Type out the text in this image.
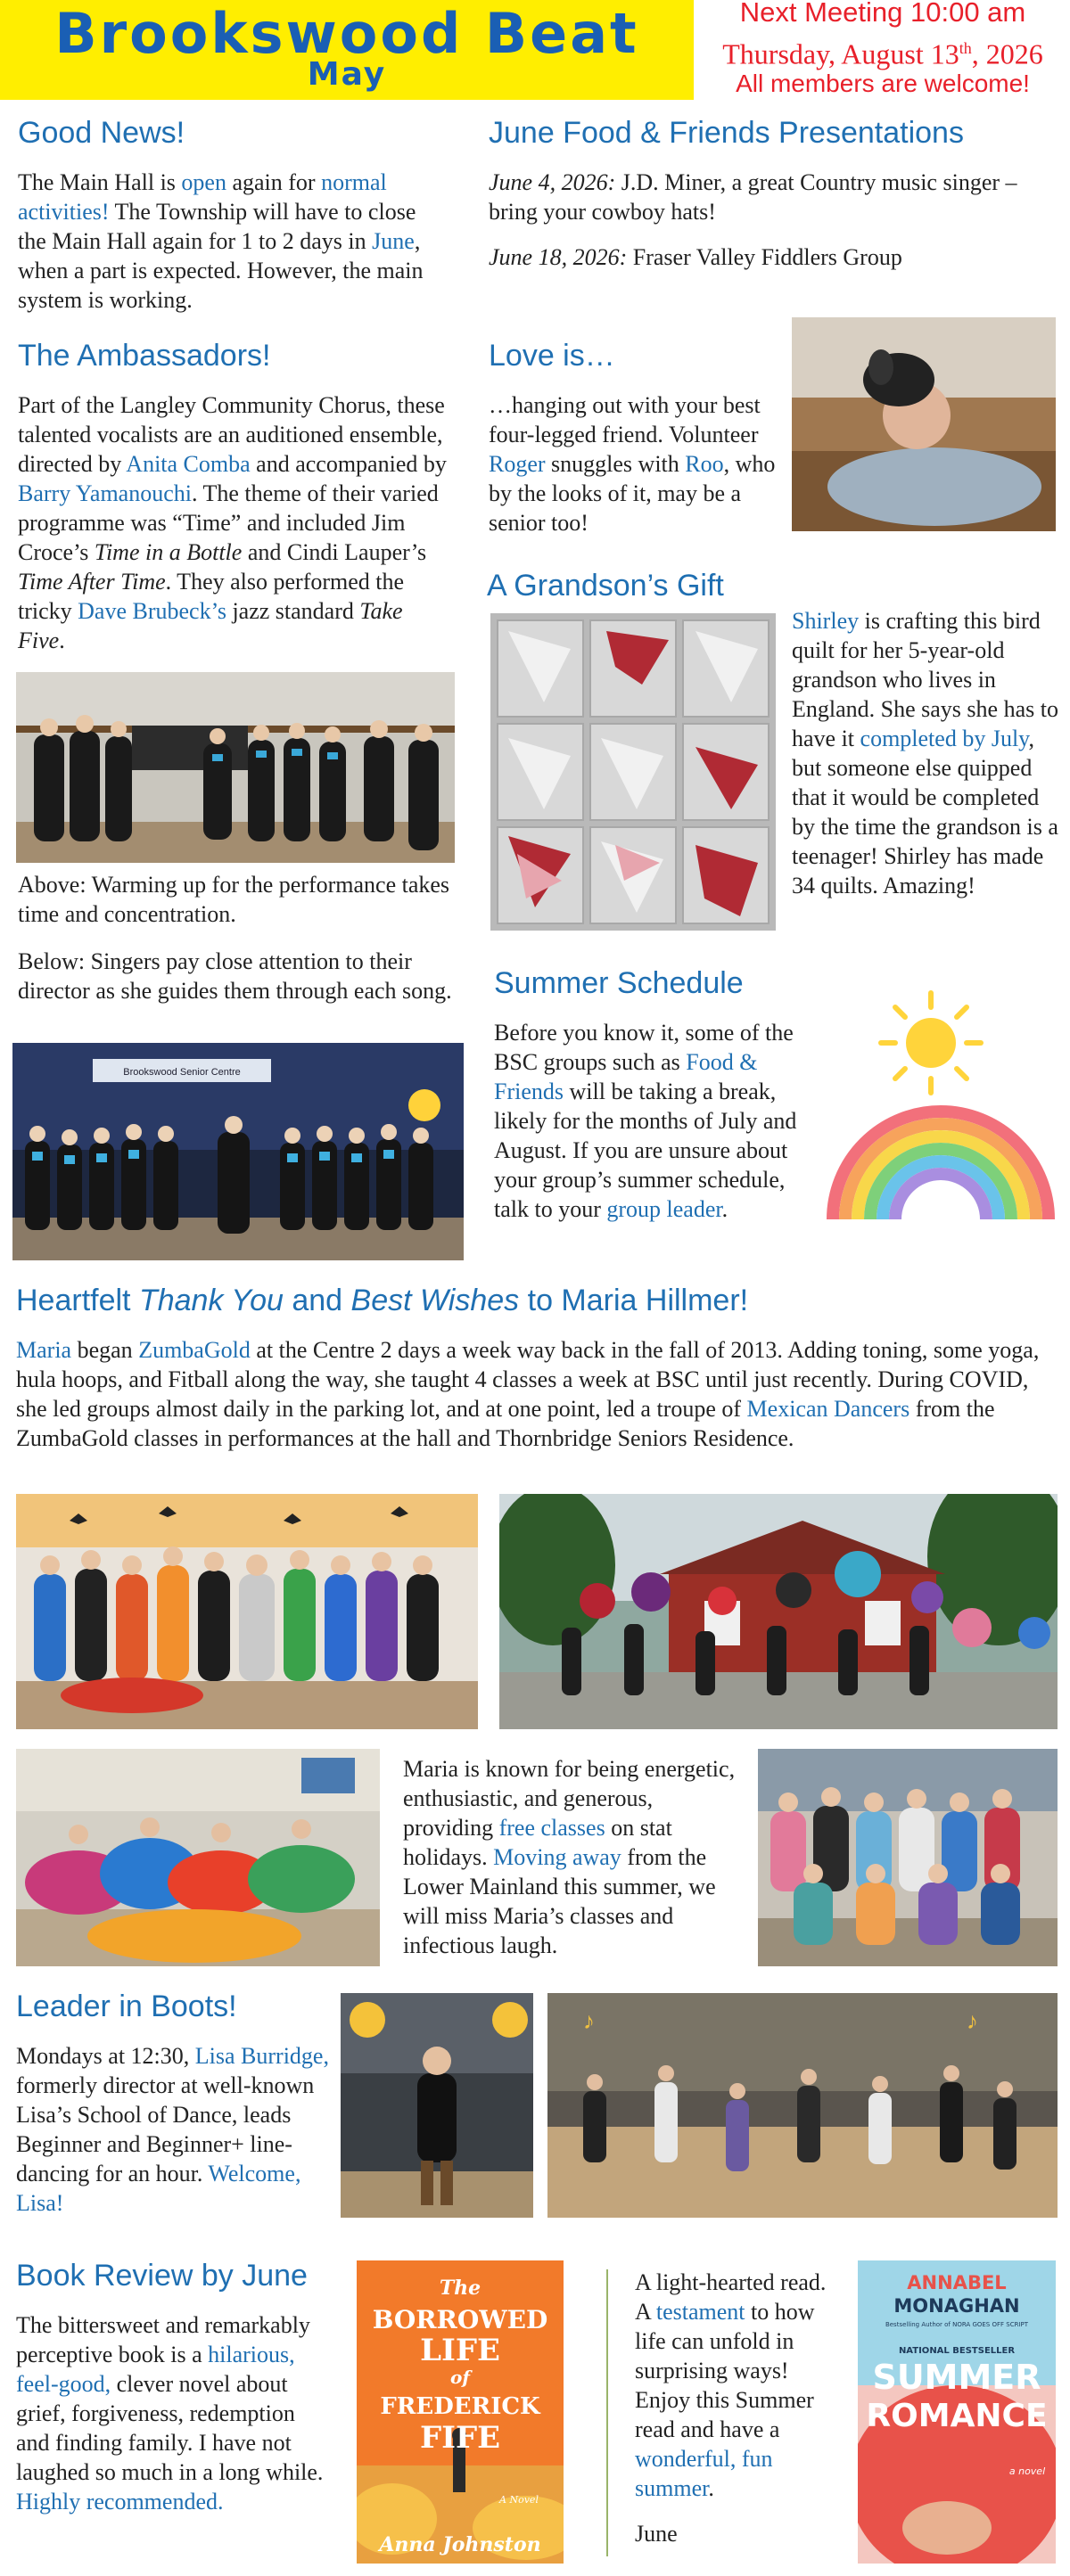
Brookswood Beat
May
Next Meeting 10:00 am
Thursday, August 13th, 2026
All members are welcome!
Good News!

The Main Hall is open again for normal activities! The Township will have to close the Main Hall again for 1 to 2 days in June, when a part is expected. However, the main system is working.

June Food & Friends Presentations

June 4, 2026: J.D. Miner, a great Country music singer – bring your cowboy hats!

June 18, 2026: Fraser Valley Fiddlers Group

The Ambassadors!

Part of the Langley Community Chorus, these talented vocalists are an auditioned ensemble, directed by Anita Comba and accompanied by Barry Yamanouchi. The theme of their varied programme was “Time” and included Jim Croce’s Time in a Bottle and Cindi Lauper’s Time After Time. They also performed the tricky Dave Brubeck’s jazz standard Take Five.

Above: Warming up for the performance takes time and concentration.

Below: Singers pay close attention to their director as she guides them through each song.

Brookswood Senior Centre
Love is…

…hanging out with your best four-legged friend. Volunteer Roger snuggles with Roo, who by the looks of it, may be a senior too!

A Grandson’s Gift

Shirley is crafting this bird quilt for her 5-year-old grandson who lives in England. She says she has to have it completed by July, but someone else quipped that it would be completed by the time the grandson is a teenager! Shirley has made 34 quilts. Amazing!

Summer Schedule

Before you know it, some of the BSC groups such as Food & Friends will be taking a break, likely for the months of July and August. If you are unsure about your group’s summer schedule, talk to your group leader.

Heartfelt Thank You and Best Wishes to Maria Hillmer!

Maria began ZumbaGold at the Centre 2 days a week way back in the fall of 2013. Adding toning, some yoga, hula hoops, and Fitball along the way, she taught 4 classes a week at BSC until just recently. During COVID, she led groups almost daily in the parking lot, and at one point, led a troupe of Mexican Dancers from the ZumbaGold classes in performances at the hall and Thornbridge Seniors Residence.

Maria is known for being energetic, enthusiastic, and generous, providing free classes on stat holidays. Moving away from the Lower Mainland this summer, we will miss Maria’s classes and infectious laugh.

Leader in Boots!

Mondays at 12:30, Lisa Burridge, formerly director at well-known Lisa’s School of Dance, leads Beginner and Beginner+ line-dancing for an hour. Welcome, Lisa!

♪	♪
Book Review by June

The bittersweet and remarkably perceptive book is a hilarious, feel-good, clever novel about grief, forgiveness, redemption and finding family. I have not laughed so much in a long while. Highly recommended.

The
BORROWED
LIFE
of
FREDERICK
FIFE
A Novel
Anna Johnston

A light-hearted read. A testament to how life can unfold in surprising ways! Enjoy this Summer read and have a wonderful, fun summer.

June

ANNABEL
MONAGHAN
Bestselling Author of NORA GOES OFF SCRIPT
NATIONAL BESTSELLER
SUMMER
ROMANCE
a novel
